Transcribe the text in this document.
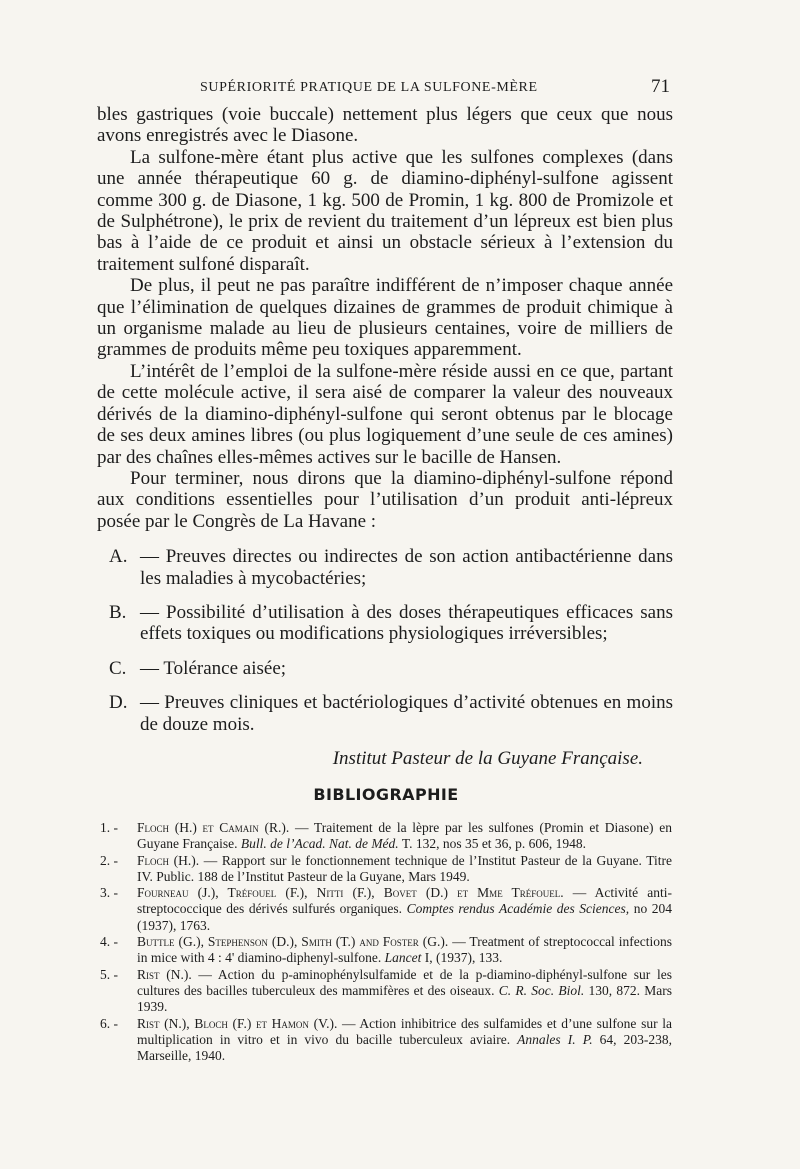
SUPÉRIORITÉ PRATIQUE DE LA SULFONE-MÈRE	71

bles gastriques (voie buccale) nettement plus légers que ceux que nous avons enregistrés avec le Diasone.

La sulfone-mère étant plus active que les sulfones complexes (dans une année thérapeutique 60 g. de diamino-diphényl-sulfone agissent comme 300 g. de Diasone, 1 kg. 500 de Promin, 1 kg. 800 de Promizole et de Sulphétrone), le prix de revient du traitement d’un lépreux est bien plus bas à l’aide de ce produit et ainsi un obstacle sérieux à l’extension du traitement sulfoné disparaît.

De plus, il peut ne pas paraître indifférent de n’imposer chaque année que l’élimination de quelques dizaines de grammes de produit chimique à un organisme malade au lieu de plusieurs centaines, voire de milliers de grammes de produits même peu toxiques apparemment.

L’intérêt de l’emploi de la sulfone-mère réside aussi en ce que, partant de cette molécule active, il sera aisé de comparer la valeur des nouveaux dérivés de la diamino-diphényl-sulfone qui seront obtenus par le blocage de ses deux amines libres (ou plus logiquement d’une seule de ces amines) par des chaînes elles-mêmes actives sur le bacille de Hansen.

Pour terminer, nous dirons que la diamino-diphényl-sulfone répond aux conditions essentielles pour l’utilisation d’un produit anti-lépreux posée par le Congrès de La Havane :

A. — Preuves directes ou indirectes de son action antibactérienne dans les maladies à mycobactéries;
B. — Possibilité d’utilisation à des doses thérapeutiques efficaces sans effets toxiques ou modifications physiologiques irréversibles;
C. — Tolérance aisée;
D. — Preuves cliniques et bactériologiques d’activité obtenues en moins de douze mois.
Institut Pasteur de la Guyane Française.
BIBLIOGRAPHIE
1. - Floch (H.) et Camain (R.). — Traitement de la lèpre par les sulfones (Promin et Diasone) en Guyane Française. Bull. de l’Acad. Nat. de Méd. T. 132, nos 35 et 36, p. 606, 1948.
2. - Floch (H.). — Rapport sur le fonctionnement technique de l’Institut Pasteur de la Guyane. Titre IV. Public. 188 de l’Institut Pasteur de la Guyane, Mars 1949.
3. - Fourneau (J.), Tréfouel (F.), Nitti (F.), Bovet (D.) et Mme Tréfouel. — Activité anti-streptococcique des dérivés sulfurés organiques. Comptes rendus Académie des Sciences, no 204 (1937), 1763.
4. - Buttle (G.), Stephenson (D.), Smith (T.) and Foster (G.). — Treatment of streptococcal infections in mice with 4 : 4' diamino-diphenyl-sulfone. Lancet I, (1937), 133.
5. - Rist (N.). — Action du p-aminophénylsulfamide et de la p-diamino-diphényl-sulfone sur les cultures des bacilles tuberculeux des mammifères et des oiseaux. C. R. Soc. Biol. 130, 872. Mars 1939.
6. - Rist (N.), Bloch (F.) et Hamon (V.). — Action inhibitrice des sulfamides et d’une sulfone sur la multiplication in vitro et in vivo du bacille tuberculeux aviaire. Annales I. P. 64, 203-238, Marseille, 1940.
